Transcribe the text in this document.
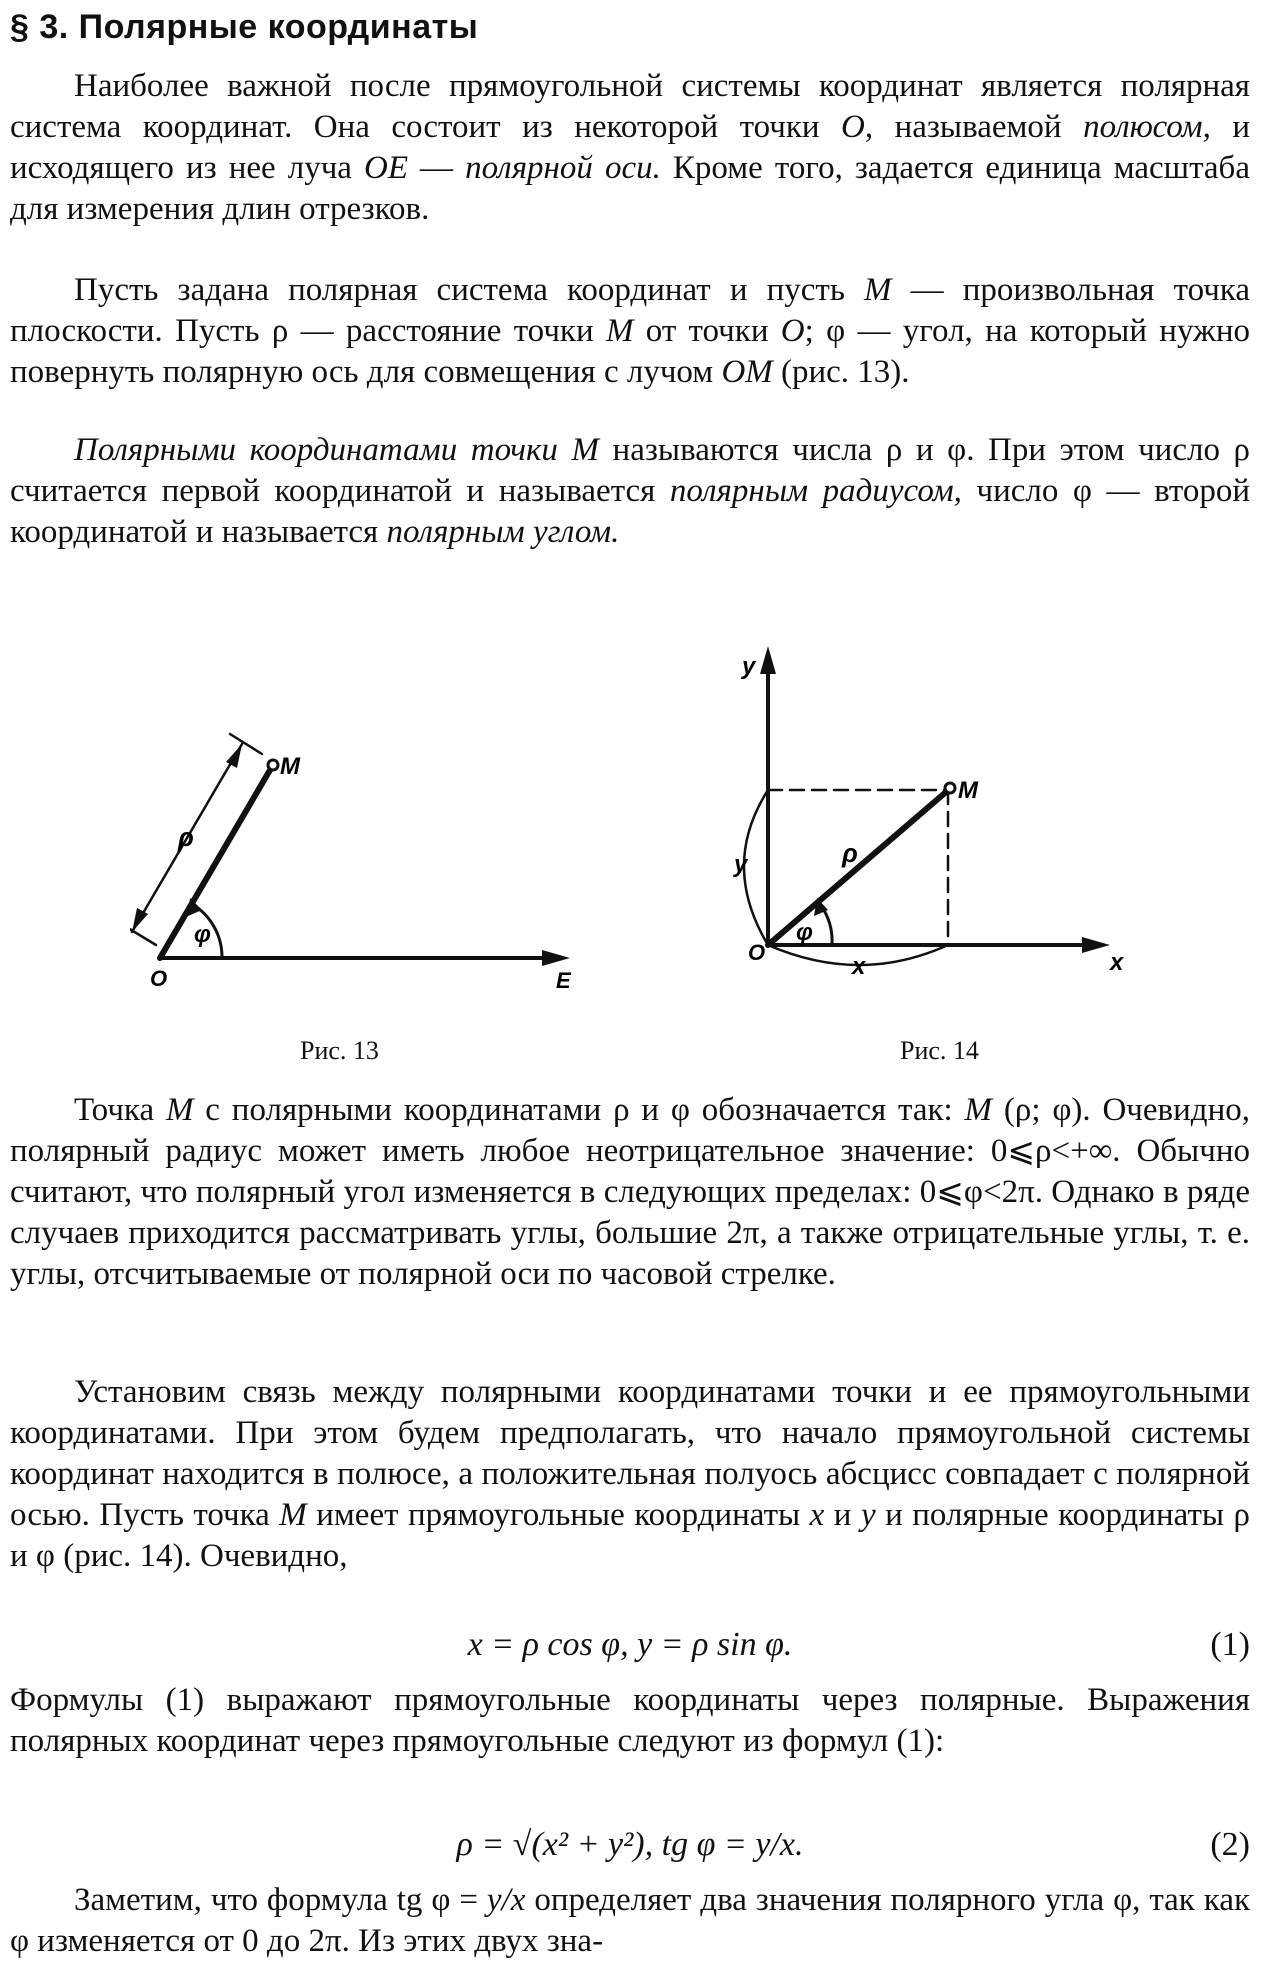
§ 3. Полярные координаты

Наиболее важной после прямоугольной системы координат является полярная система координат. Она состоит из некоторой точки O, называемой полюсом, и исходящего из нее луча OE — полярной оси. Кроме того, задается единица масштаба для измерения длин отрезков.

Пусть задана полярная система координат и пусть M — произвольная точка плоскости. Пусть ρ — расстояние точки M от точки O; φ — угол, на который нужно повернуть полярную ось для совмещения с лучом OM (рис. 13).

Полярными координатами точки M называются числа ρ и φ. При этом число ρ считается первой координатой и называется полярным радиусом, число φ — второй координатой и называется полярным углом.

M
ρ
φ
O	E
Рис. 13
y
x
M
ρ
φ
y
x
O
Рис. 14

Точка M с полярными координатами ρ и φ обозначается так: M (ρ; φ). Очевидно, полярный радиус может иметь любое неотрицательное значение: 0⩽ρ<+∞. Обычно считают, что полярный угол изменяется в следующих пределах: 0⩽φ<2π. Однако в ряде случаев приходится рассматривать углы, большие 2π, а также отрицательные углы, т. е. углы, отсчитываемые от полярной оси по часовой стрелке.

Установим связь между полярными координатами точки и ее прямоугольными координатами. При этом будем предполагать, что начало прямоугольной системы координат находится в полюсе, а положительная полуось абсцисс совпадает с полярной осью. Пусть точка M имеет прямоугольные координаты x и y и полярные координаты ρ и φ (рис. 14). Очевидно,

x = ρ cos φ, y = ρ sin φ.	(1)

Формулы (1) выражают прямоугольные координаты через полярные. Выражения полярных координат через прямоугольные следуют из формул (1):

ρ = √(x² + y²), tg φ = y/x.	(2)

Заметим, что формула tg φ = y/x определяет два значения полярного угла φ, так как φ изменяется от 0 до 2π. Из этих двух зна-
